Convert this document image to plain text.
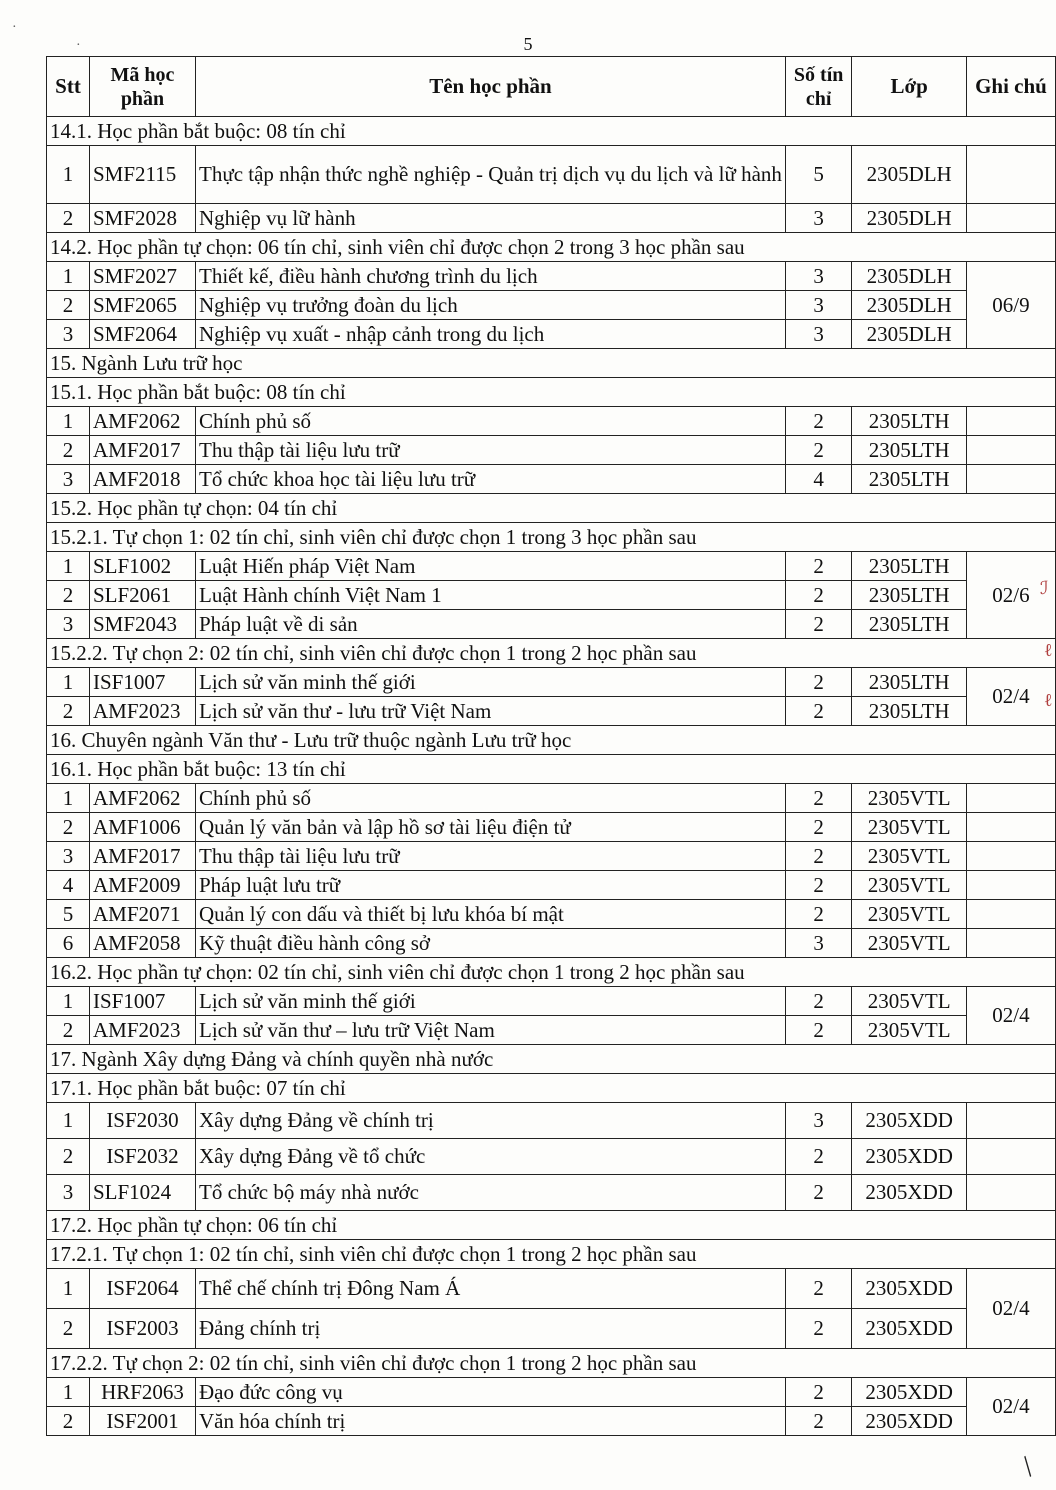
5
Stt	Mã học phần	Tên học phần	Số tín chỉ	Lớp	Ghi chú
14.1. Học phần bắt buộc: 08 tín chỉ					
1	SMF2115	Thực tập nhận thức nghề nghiệp - Quản trị dịch vụ du lịch và lữ hành	5	2305DLH	
2	SMF2028	Nghiệp vụ lữ hành	3	2305DLH	
14.2. Học phần tự chọn: 06 tín chỉ, sinh viên chỉ được chọn 2 trong 3 học phần sau					
1	SMF2027	Thiết kế, điều hành chương trình du lịch	3	2305DLH	06/9
2	SMF2065	Nghiệp vụ trưởng đoàn du lịch	3	2305DLH	
3	SMF2064	Nghiệp vụ xuất - nhập cảnh trong du lịch	3	2305DLH	
15. Ngành Lưu trữ học					
15.1. Học phần bắt buộc: 08 tín chỉ					
1	AMF2062	Chính phủ số	2	2305LTH	
2	AMF2017	Thu thập tài liệu lưu trữ	2	2305LTH	
3	AMF2018	Tổ chức khoa học tài liệu lưu trữ	4	2305LTH	
15.2. Học phần tự chọn: 04 tín chỉ					
15.2.1. Tự chọn 1: 02 tín chỉ, sinh viên chỉ được chọn 1 trong 3 học phần sau					
1	SLF1002	Luật Hiến pháp Việt Nam	2	2305LTH	02/6
2	SLF2061	Luật Hành chính Việt Nam 1	2	2305LTH	
3	SMF2043	Pháp luật về di sản	2	2305LTH	
15.2.2. Tự chọn 2: 02 tín chỉ, sinh viên chỉ được chọn 1 trong 2 học phần sau					
1	ISF1007	Lịch sử văn minh thế giới	2	2305LTH	02/4
2	AMF2023	Lịch sử văn thư - lưu trữ Việt Nam	2	2305LTH	
16. Chuyên ngành Văn thư - Lưu trữ thuộc ngành Lưu trữ học					
16.1. Học phần bắt buộc: 13 tín chỉ					
1	AMF2062	Chính phủ số	2	2305VTL	
2	AMF1006	Quản lý văn bản và lập hồ sơ tài liệu điện tử	2	2305VTL	
3	AMF2017	Thu thập tài liệu lưu trữ	2	2305VTL	
4	AMF2009	Pháp luật lưu trữ	2	2305VTL	
5	AMF2071	Quản lý con dấu và thiết bị lưu khóa bí mật	2	2305VTL	
6	AMF2058	Kỹ thuật điều hành công sở	3	2305VTL	
16.2. Học phần tự chọn: 02 tín chỉ, sinh viên chỉ được chọn 1 trong 2 học phần sau					
1	ISF1007	Lịch sử văn minh thế giới	2	2305VTL	02/4
2	AMF2023	Lịch sử văn thư – lưu trữ Việt Nam	2	2305VTL	
17. Ngành Xây dựng Đảng và chính quyền nhà nước					
17.1. Học phần bắt buộc: 07 tín chỉ					
1	ISF2030	Xây dựng Đảng về chính trị	3	2305XDD	
2	ISF2032	Xây dựng Đảng về tổ chức	2	2305XDD	
3	SLF1024	Tổ chức bộ máy nhà nước	2	2305XDD	
17.2. Học phần tự chọn: 06 tín chỉ					
17.2.1. Tự chọn 1: 02 tín chỉ, sinh viên chỉ được chọn 1 trong 2 học phần sau					
1	ISF2064	Thể chế chính trị Đông Nam Á	2	2305XDD	02/4
2	ISF2003	Đảng chính trị	2	2305XDD	
17.2.2. Tự chọn 2: 02 tín chỉ, sinh viên chỉ được chọn 1 trong 2 học phần sau					
1	HRF2063	Đạo đức công vụ	2	2305XDD	02/4
2	ISF2001	Văn hóa chính trị	2	2305XDD	
ℐ
ℓ
ℓ
·
·
/
